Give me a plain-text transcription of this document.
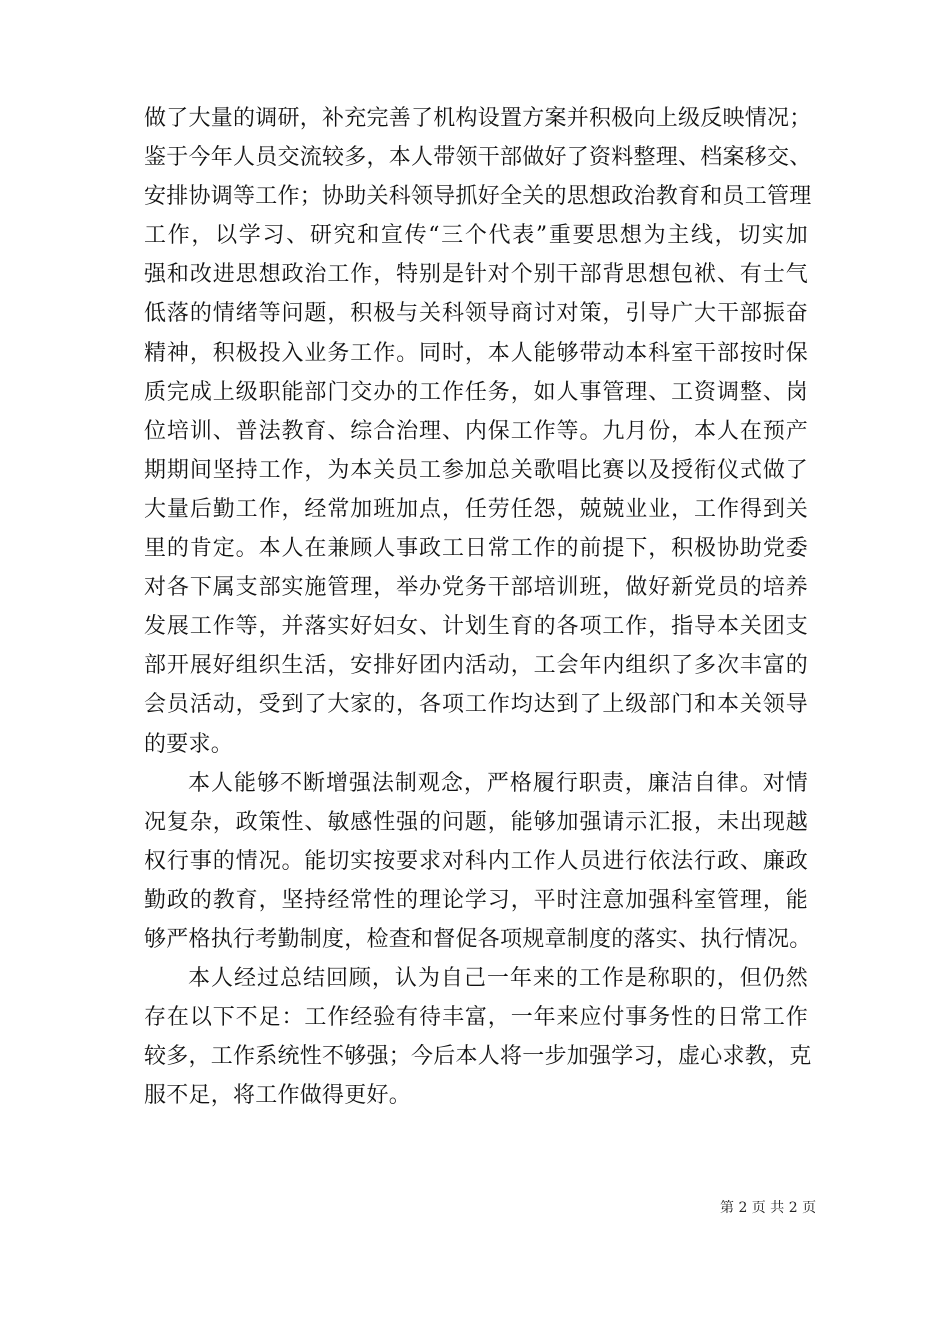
做了大量的调研，补充完善了机构设置方案并积极向上级反映情况；
鉴于今年人员交流较多，本人带领干部做好了资料整理、档案移交、
安排协调等工作；协助关科领导抓好全关的思想政治教育和员工管理
工作，以学习、研究和宣传“三个代表”重要思想为主线，切实加
强和改进思想政治工作，特别是针对个别干部背思想包袱、有士气
低落的情绪等问题，积极与关科领导商讨对策，引导广大干部振奋
精神，积极投入业务工作。同时，本人能够带动本科室干部按时保
质完成上级职能部门交办的工作任务，如人事管理、工资调整、岗
位培训、普法教育、综合治理、内保工作等。九月份，本人在预产
期期间坚持工作，为本关员工参加总关歌唱比赛以及授衔仪式做了
大量后勤工作，经常加班加点，任劳任怨，兢兢业业，工作得到关
里的肯定。本人在兼顾人事政工日常工作的前提下，积极协助党委
对各下属支部实施管理，举办党务干部培训班，做好新党员的培养
发展工作等，并落实好妇女、计划生育的各项工作，指导本关团支
部开展好组织生活，安排好团内活动，工会年内组织了多次丰富的
会员活动，受到了大家的，各项工作均达到了上级部门和本关领导
的要求。
本人能够不断增强法制观念，严格履行职责，廉洁自律。对情
况复杂，政策性、敏感性强的问题，能够加强请示汇报，未出现越
权行事的情况。能切实按要求对科内工作人员进行依法行政、廉政
勤政的教育，坚持经常性的理论学习，平时注意加强科室管理，能
够严格执行考勤制度，检查和督促各项规章制度的落实、执行情况。
本人经过总结回顾，认为自己一年来的工作是称职的，但仍然
存在以下不足：工作经验有待丰富，一年来应付事务性的日常工作
较多，工作系统性不够强；今后本人将一步加强学习，虚心求教，克
服不足，将工作做得更好。
第 2 页 共 2 页
